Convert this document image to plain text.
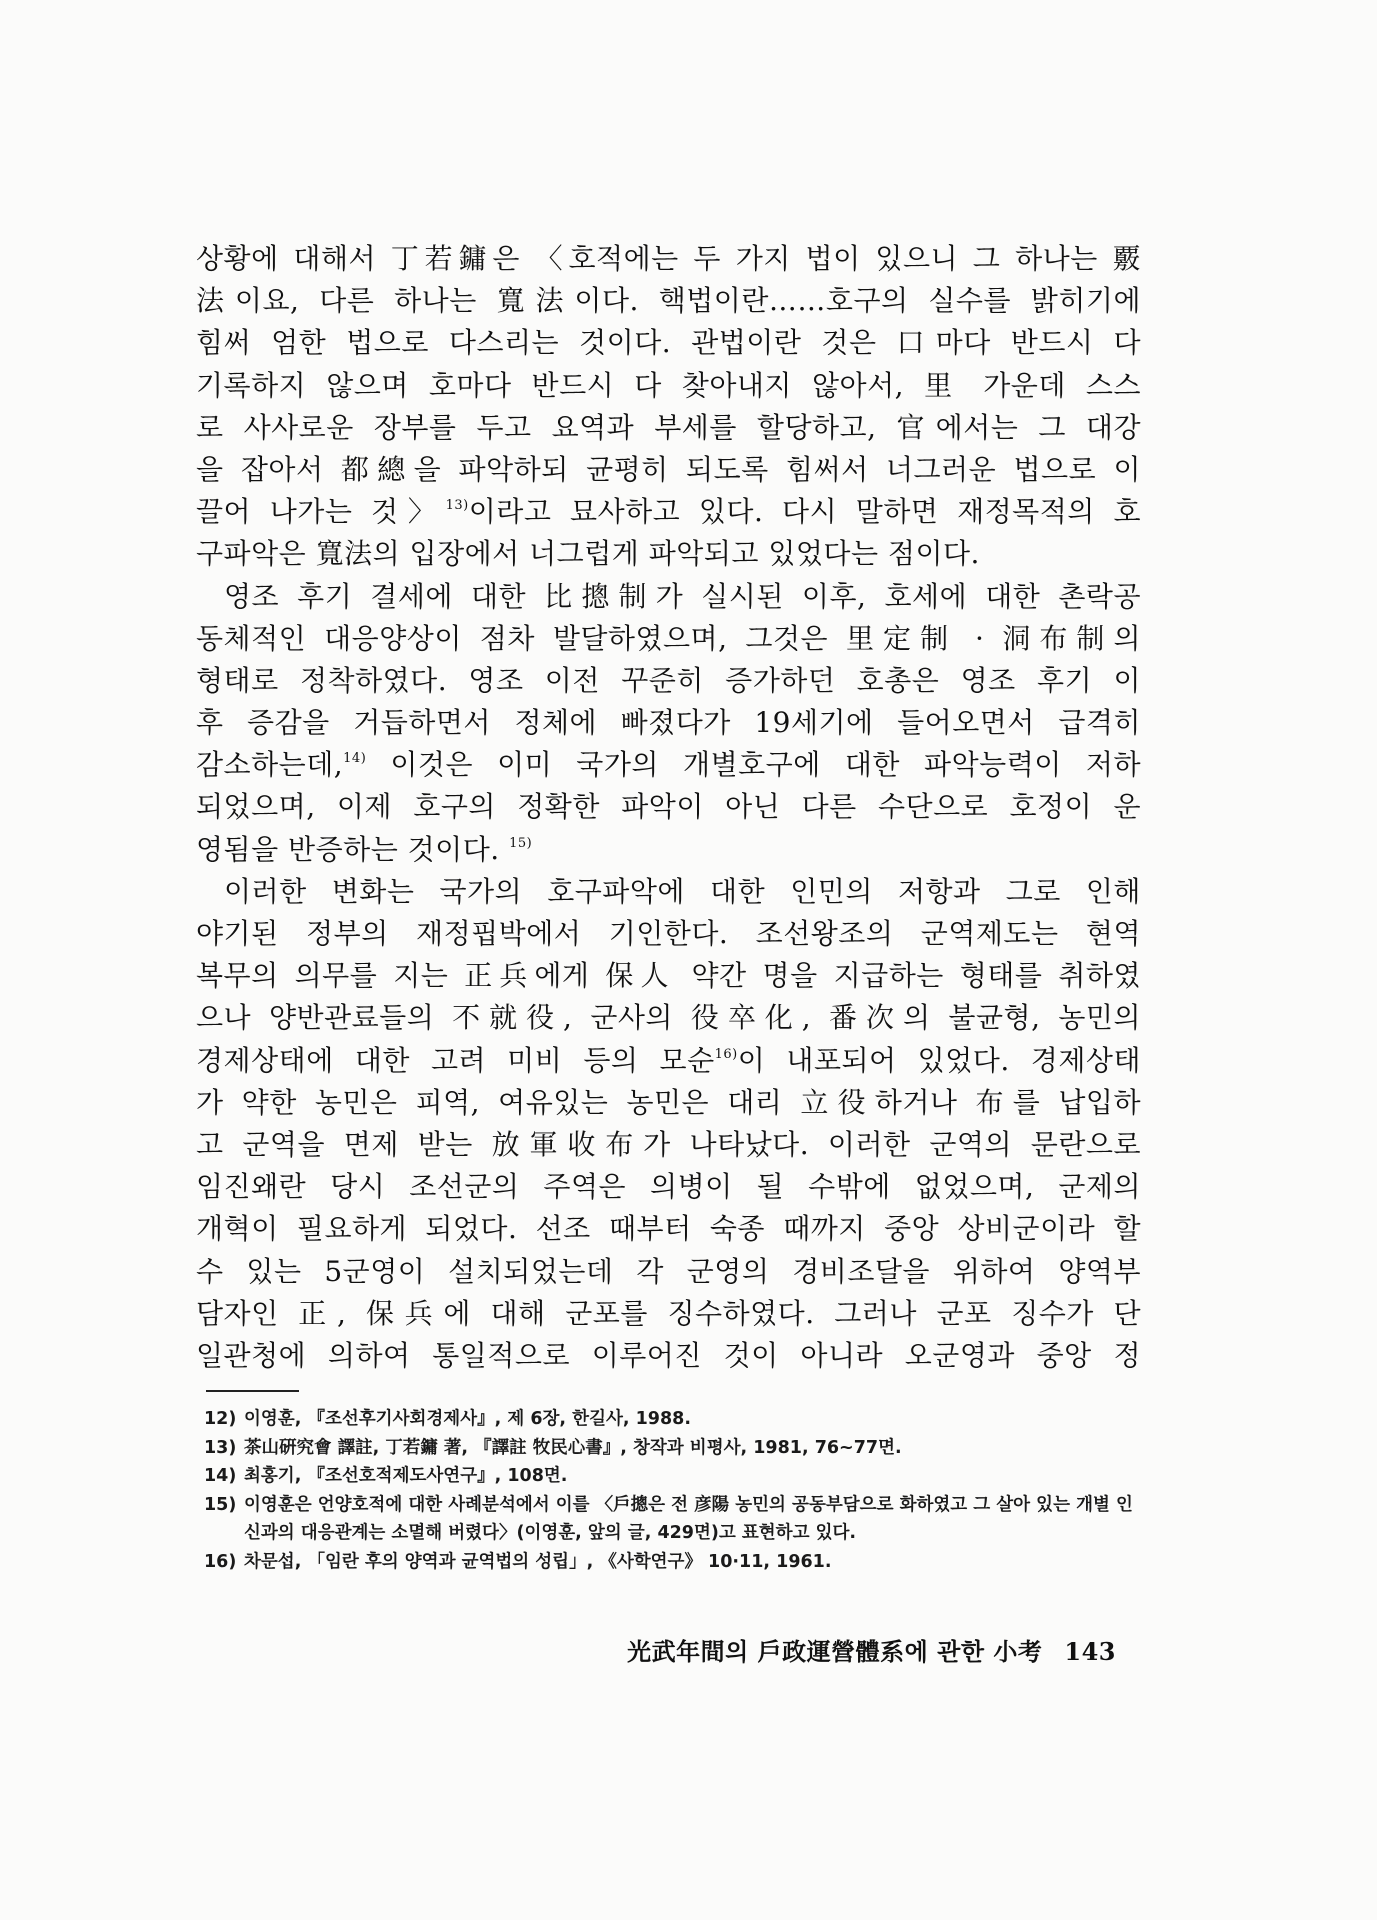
상황에 대해서 丁若鏞은 〈호적에는 두 가지 법이 있으니 그 하나는 覈
法이요, 다른 하나는 寬法이다. 핵법이란……호구의 실수를 밝히기에
힘써 엄한 법으로 다스리는 것이다. 관법이란 것은 口마다 반드시 다
기록하지 않으며 호마다 반드시 다 찾아내지 않아서, 里 가운데 스스
로 사사로운 장부를 두고 요역과 부세를 할당하고, 官에서는 그 대강
을 잡아서 都總을 파악하되 균평히 되도록 힘써서 너그러운 법으로 이
끌어 나가는 것〉$^{13)}$이라고 묘사하고 있다. 다시 말하면 재정목적의 호
구파악은 寬法의 입장에서 너그럽게 파악되고 있었다는 점이다.
영조 후기 결세에 대한 比摠制가 실시된 이후, 호세에 대한 촌락공
동체적인 대응양상이 점차 발달하였으며, 그것은 里定制 · 洞布制의
형태로 정착하였다. 영조 이전 꾸준히 증가하던 호총은 영조 후기 이
후 증감을 거듭하면서 정체에 빠졌다가 19세기에 들어오면서 급격히
감소하는데,$^{14)}$ 이것은 이미 국가의 개별호구에 대한 파악능력이 저하
되었으며, 이제 호구의 정확한 파악이 아닌 다른 수단으로 호정이 운
영됨을 반증하는 것이다. $^{15)}$
이러한 변화는 국가의 호구파악에 대한 인민의 저항과 그로 인해
야기된 정부의 재정핍박에서 기인한다. 조선왕조의 군역제도는 현역
복무의 의무를 지는 正兵에게 保人 약간 명을 지급하는 형태를 취하였
으나 양반관료들의 不就役, 군사의 役卒化, 番次의 불균형, 농민의
경제상태에 대한 고려 미비 등의 모순$^{16)}$이 내포되어 있었다. 경제상태
가 약한 농민은 피역, 여유있는 농민은 대리 立役하거나 布를 납입하
고 군역을 면제 받는 放軍收布가 나타났다. 이러한 군역의 문란으로
임진왜란 당시 조선군의 주역은 의병이 될 수밖에 없었으며, 군제의
개혁이 필요하게 되었다. 선조 때부터 숙종 때까지 중앙 상비군이라 할
수 있는 5군영이 설치되었는데 각 군영의 경비조달을 위하여 양역부
담자인 正, 保兵에 대해 군포를 징수하였다. 그러나 군포 징수가 단
일관청에 의하여 통일적으로 이루어진 것이 아니라 오군영과 중앙 정
12) 이영훈, 『조선후기사회경제사』, 제 6장, 한길사, 1988.
13) 茶山硏究會 譯註, 丁若鏞 著, 『譯註 牧民心書』, 창작과 비평사, 1981, 76~77면.
14) 최홍기, 『조선호적제도사연구』, 108면.
15) 이영훈은 언양호적에 대한 사례분석에서 이를 〈戶摠은 전 彦陽 농민의 공동부담으로 화하였고 그 살아 있는 개별 인신과의 대응관계는 소멸해 버렸다〉(이영훈, 앞의 글, 429면)고 표현하고 있다.
16) 차문섭, 「임란 후의 양역과 균역법의 성립」, 《사학연구》 10·11, 1961.
光武年間의 戶政運營體系에 관한 小考 143
